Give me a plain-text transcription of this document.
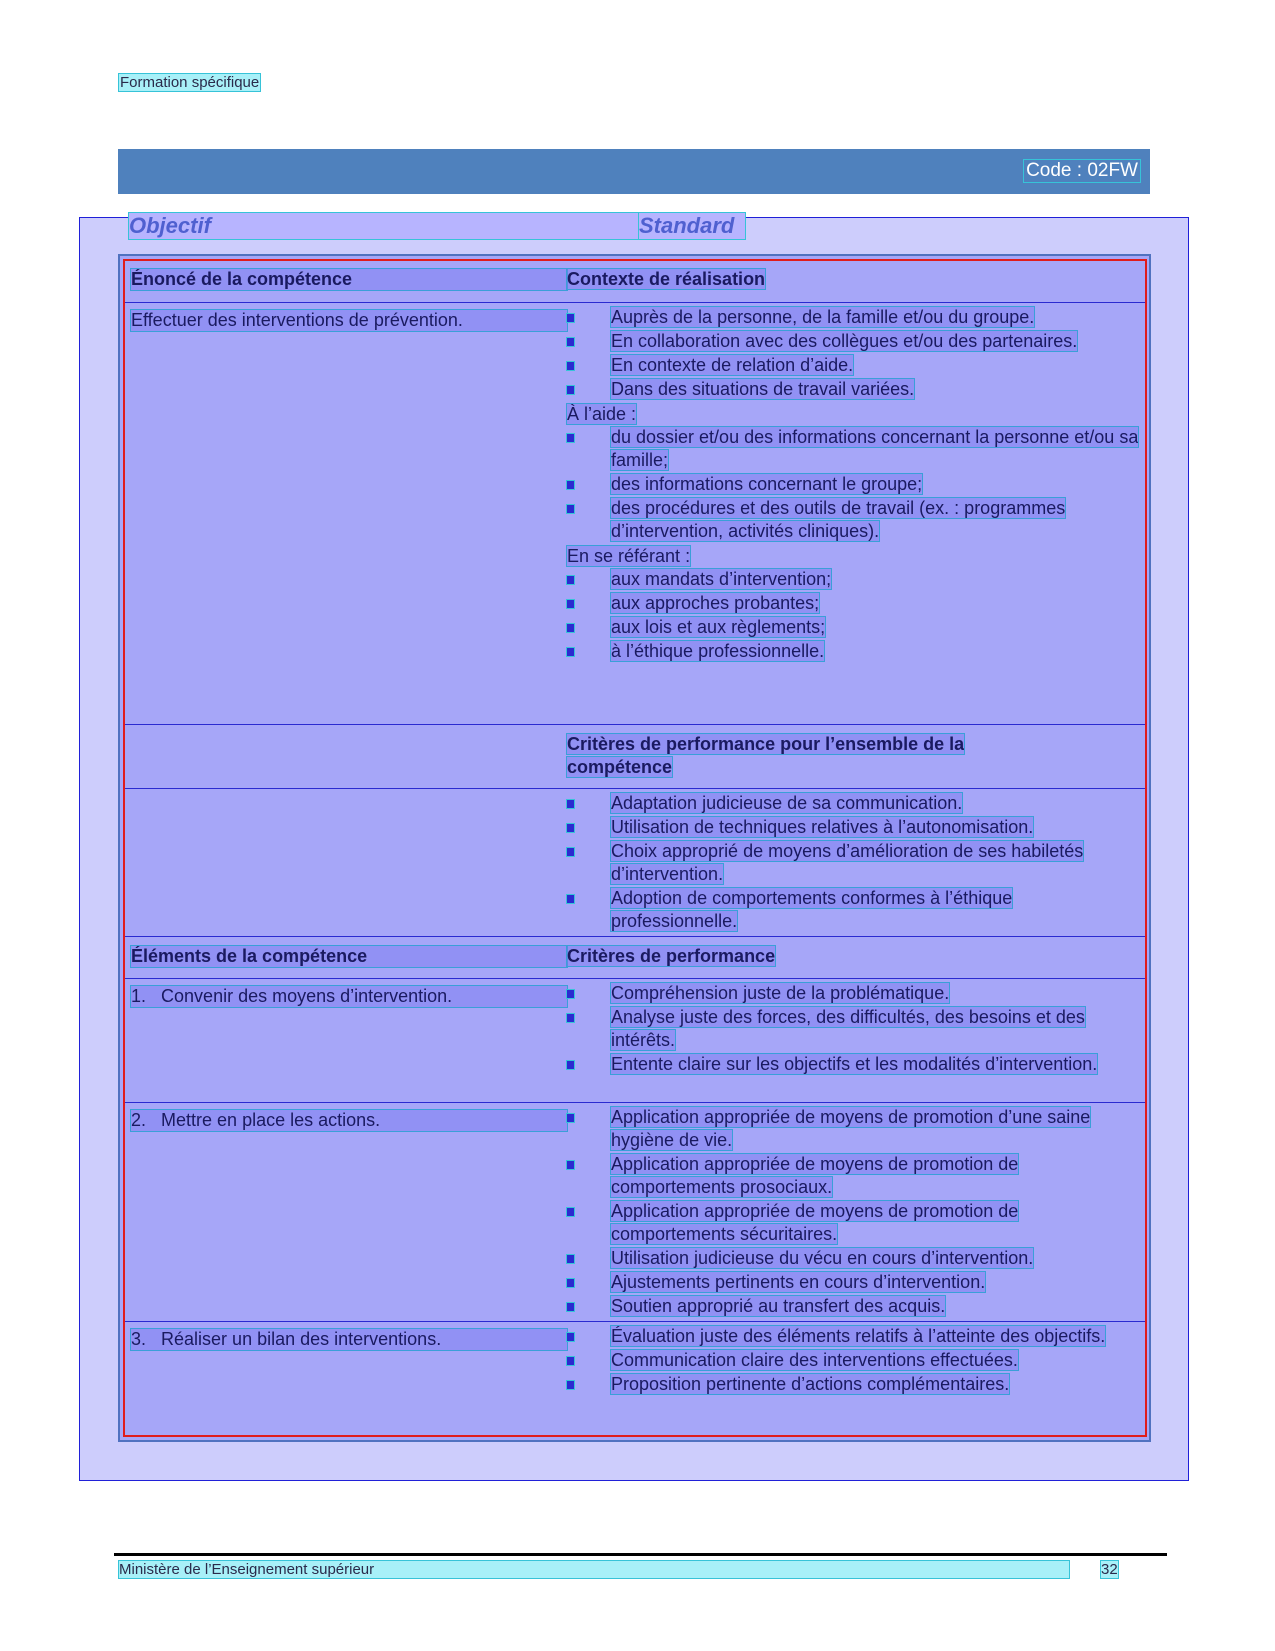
Formation spécifique
Code : 02FW
Objectif	Standard
Énoncé de la compétence	Contexte de réalisation
Effectuer des interventions de prévention.	Auprès de la personne, de la famille et/ou du groupe.
En collaboration avec des collègues et/ou des partenaires.
En contexte de relation d’aide.
Dans des situations de travail variées.
À l’aide :
du dossier et/ou des informations concernant la personne et/ou sa famille;
des informations concernant le groupe;
des procédures et des outils de travail (ex. : programmes d’intervention, activités cliniques).
En se référant :
aux mandats d’intervention;
aux approches probantes;
aux lois et aux règlements;
à l’éthique professionnelle.
Critères de performance pour l’ensemble de la compétence
Adaptation judicieuse de sa communication.
Utilisation de techniques relatives à l’autonomisation.
Choix approprié de moyens d’amélioration de ses habiletés d’intervention.
Adoption de comportements conformes à l’éthique professionnelle.
Éléments de la compétence	Critères de performance
1. Convenir des moyens d’intervention.	Compréhension juste de la problématique.
Analyse juste des forces, des difficultés, des besoins et des intérêts.
Entente claire sur les objectifs et les modalités d’intervention.
2. Mettre en place les actions.	Application appropriée de moyens de promotion d’une saine hygiène de vie.
Application appropriée de moyens de promotion de comportements prosociaux.
Application appropriée de moyens de promotion de comportements sécuritaires.
Utilisation judicieuse du vécu en cours d’intervention.
Ajustements pertinents en cours d’intervention.
Soutien approprié au transfert des acquis.
3. Réaliser un bilan des interventions.	Évaluation juste des éléments relatifs à l’atteinte des objectifs.
Communication claire des interventions effectuées.
Proposition pertinente d’actions complémentaires.
Ministère de l’Enseignement supérieur	32
